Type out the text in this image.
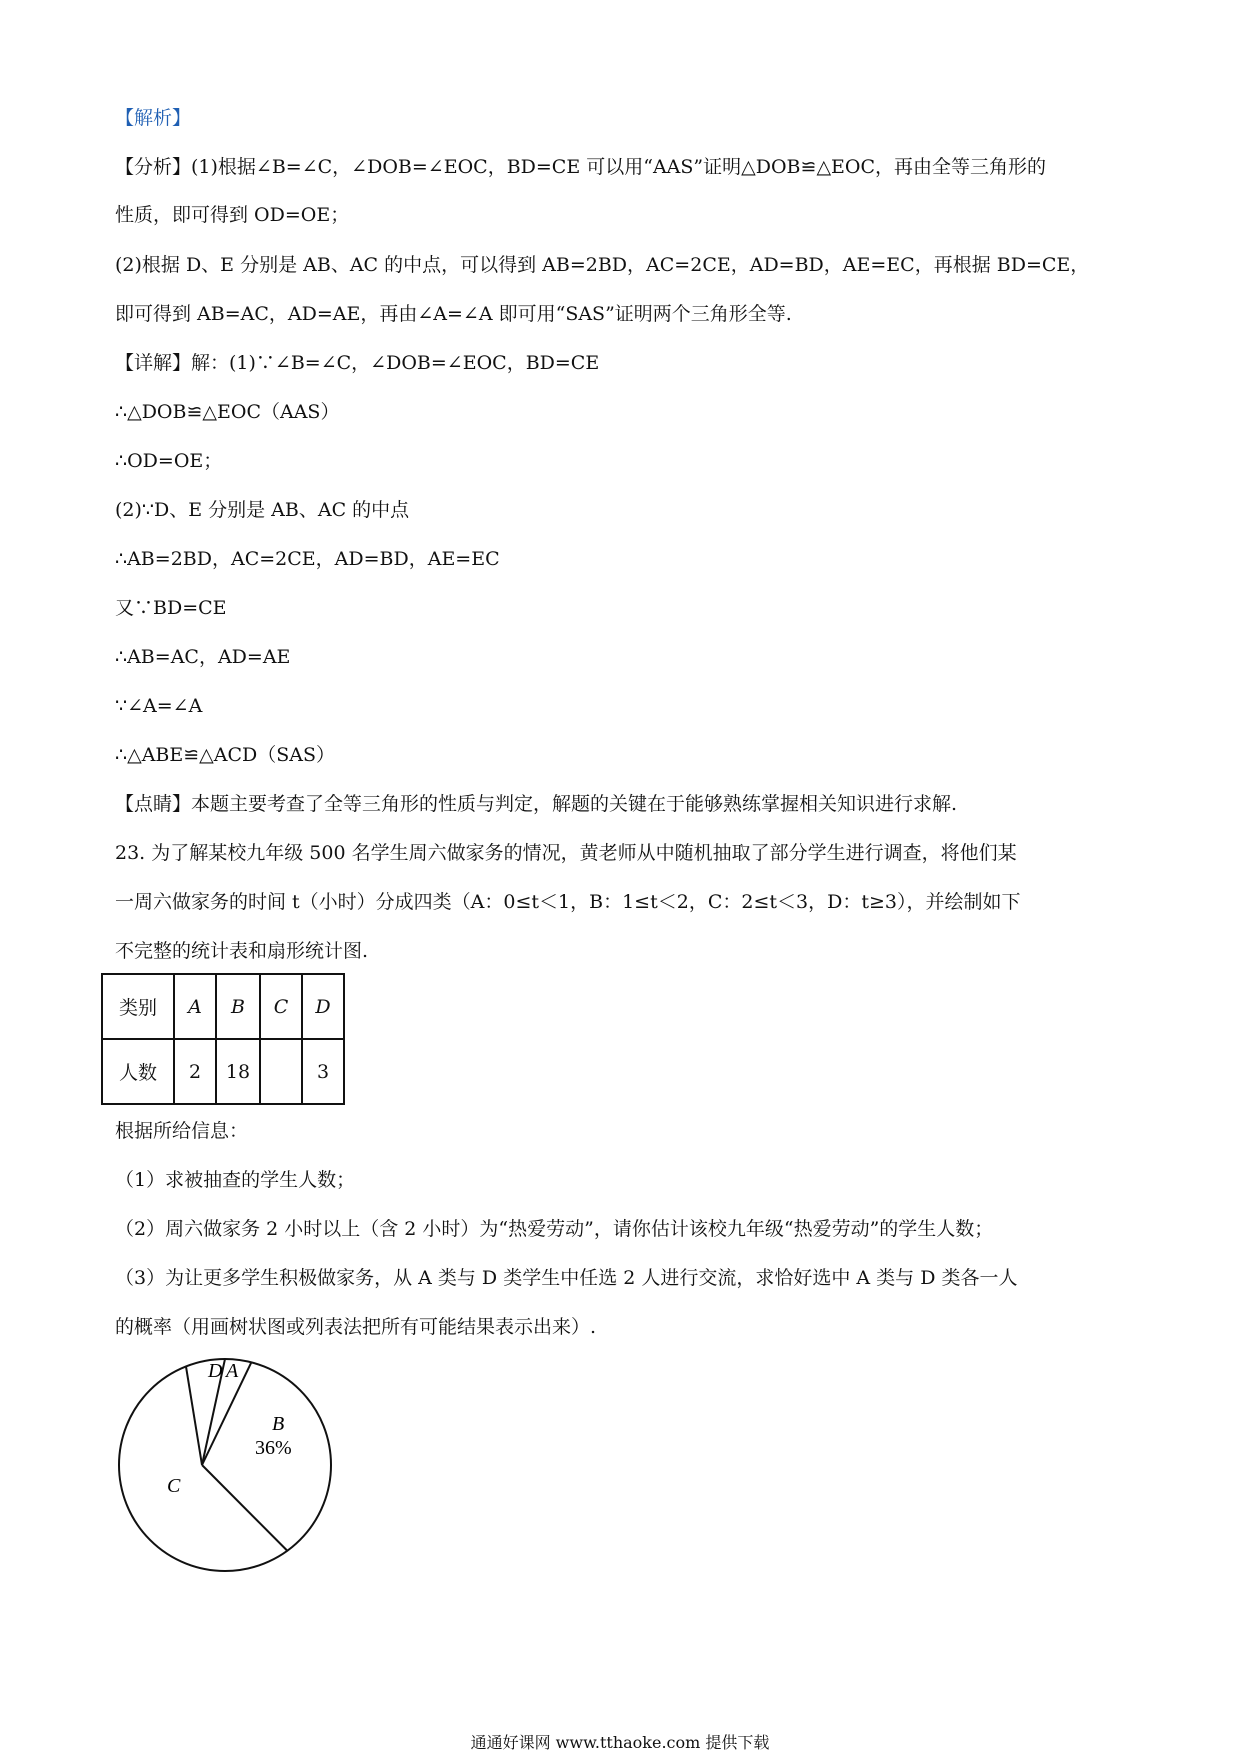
【解析】
【分析】(1)根据∠B=∠C，∠DOB=∠EOC，BD=CE 可以用“AAS”证明△DOB≌△EOC，再由全等三角形的
性质，即可得到 OD=OE；
(2)根据 D、E 分别是 AB、AC 的中点，可以得到 AB=2BD，AC=2CE，AD=BD，AE=EC，再根据 BD=CE，
即可得到 AB=AC，AD=AE，再由∠A=∠A 即可用“SAS”证明两个三角形全等.
【详解】解：(1)∵∠B=∠C，∠DOB=∠EOC，BD=CE
∴△DOB≌△EOC（AAS）
∴OD=OE；
(2)∵D、E 分别是 AB、AC 的中点
∴AB=2BD，AC=2CE，AD=BD，AE=EC
又∵BD=CE
∴AB=AC，AD=AE
∵∠A=∠A
∴△ABE≌△ACD（SAS）
【点睛】本题主要考查了全等三角形的性质与判定，解题的关键在于能够熟练掌握相关知识进行求解.
23. 为了解某校九年级 500 名学生周六做家务的情况，黄老师从中随机抽取了部分学生进行调查，将他们某
一周六做家务的时间 t（小时）分成四类（A：0≤t＜1，B：1≤t＜2，C：2≤t＜3，D：t≥3），并绘制如下
不完整的统计表和扇形统计图.
类别	A	B	C	D
人数	2	18		3
根据所给信息：
（1）求被抽查的学生人数；
（2）周六做家务 2 小时以上（含 2 小时）为“热爱劳动”，请你估计该校九年级“热爱劳动”的学生人数；
（3）为让更多学生积极做家务，从 A 类与 D 类学生中任选 2 人进行交流，求恰好选中 A 类与 D 类各一人
的概率（用画树状图或列表法把所有可能结果表示出来）.
D A
B
36%
C
通通好课网 www.tthaoke.com 提供下载
